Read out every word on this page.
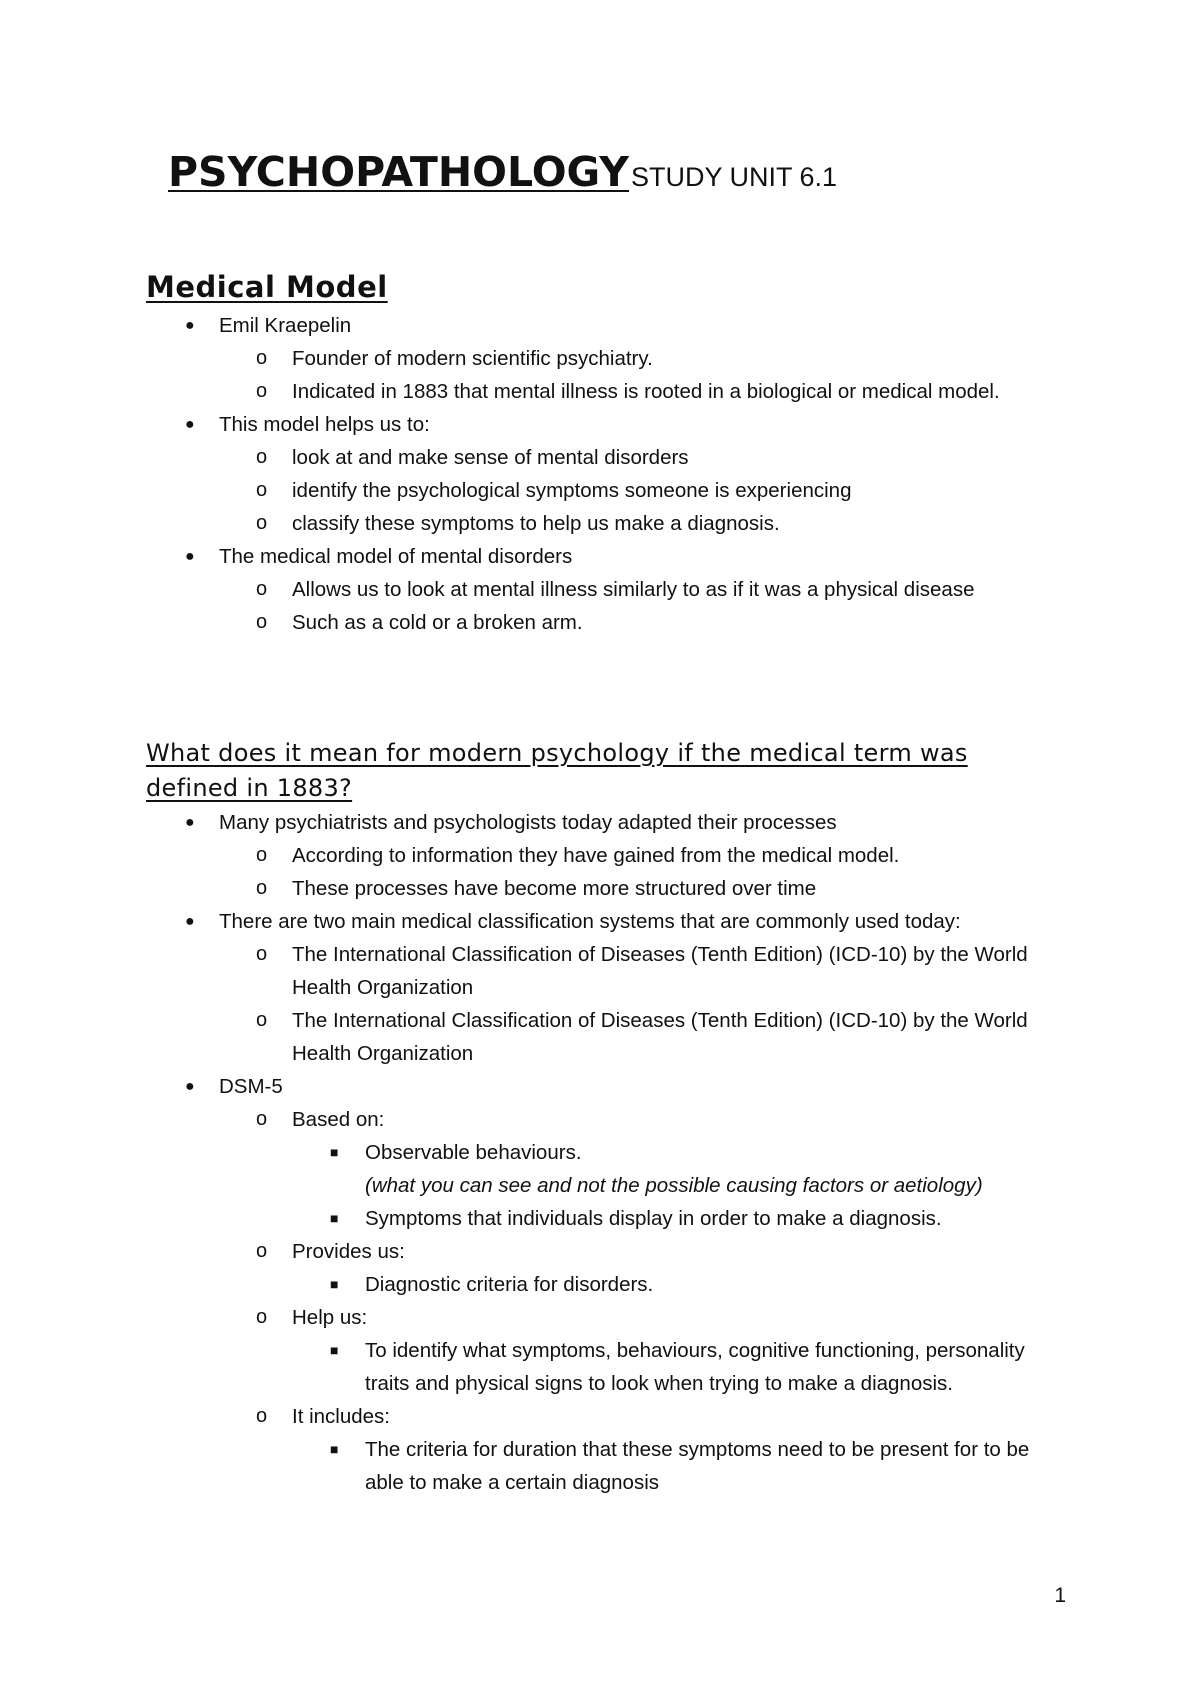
PSYCHOPATHOLOGYSTUDY UNIT 6.1
Medical Model
● Emil Kraepelin
o Founder of modern scientific psychiatry.
o Indicated in 1883 that mental illness is rooted in a biological or medical model.
● This model helps us to:
o look at and make sense of mental disorders
o identify the psychological symptoms someone is experiencing
o classify these symptoms to help us make a diagnosis.
● The medical model of mental disorders
o Allows us to look at mental illness similarly to as if it was a physical disease
o Such as a cold or a broken arm.
What does it mean for modern psychology if the medical term was defined in 1883?
● Many psychiatrists and psychologists today adapted their processes
o According to information they have gained from the medical model.
o These processes have become more structured over time
● There are two main medical classification systems that are commonly used today:
o The International Classification of Diseases (Tenth Edition) (ICD-10) by the World Health Organization
o The International Classification of Diseases (Tenth Edition) (ICD-10) by the World Health Organization
● DSM-5
o Based on:
■ Observable behaviours.
(what you can see and not the possible causing factors or aetiology)
■ Symptoms that individuals display in order to make a diagnosis.
o Provides us:
■ Diagnostic criteria for disorders.
o Help us:
■ To identify what symptoms, behaviours, cognitive functioning, personality traits and physical signs to look when trying to make a diagnosis.
o It includes:
■ The criteria for duration that these symptoms need to be present for to be able to make a certain diagnosis
1
